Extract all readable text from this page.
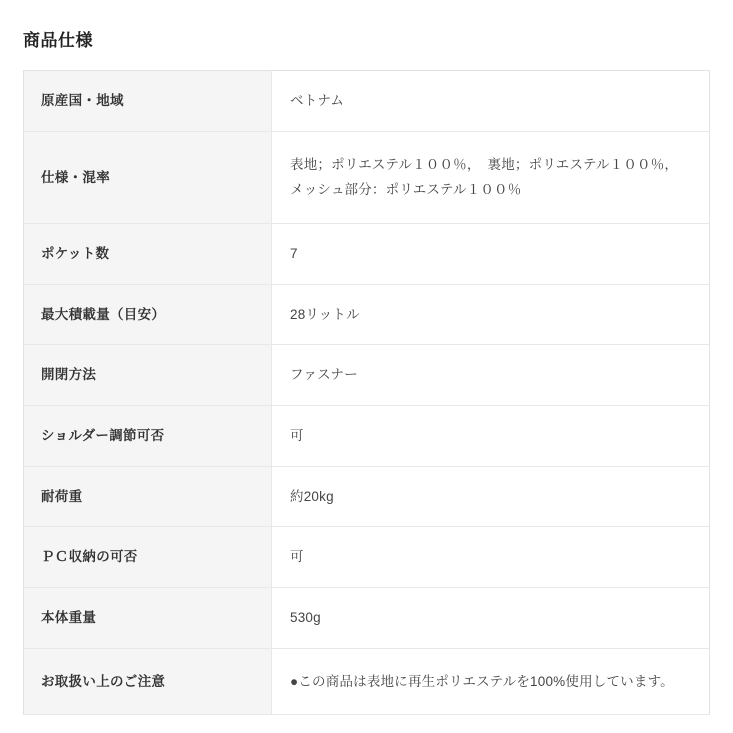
商品仕様
原産国・地域	ベトナム
仕様・混率	表地；ポリエステル１００％，　裏地；ポリエステル１００％，メッシュ部分：ポリエステル１００％
ポケット数	7
最大積載量（目安）	28リットル
開閉方法	ファスナー
ショルダー調節可否	可
耐荷重	約20kg
ＰＣ収納の可否	可
本体重量	530g
お取扱い上のご注意	●この商品は表地に再生ポリエステルを100%使用しています。
